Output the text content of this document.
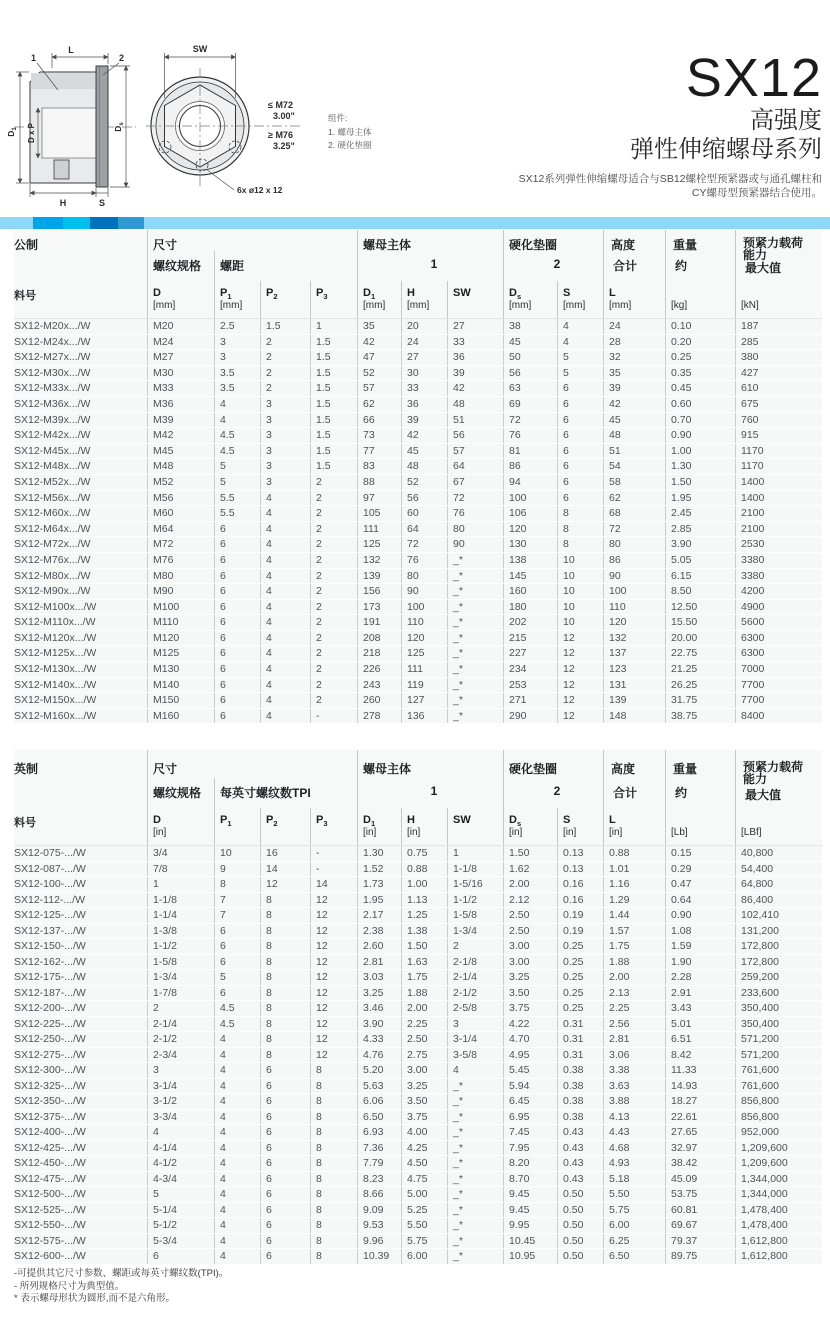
L
1	2
$D_1$ D x P	$D_s$
H	S
SW
6x ø12 x 12
≤ M72
3.00"
≥ M76
3.25"
组件:
1. 螺母主体
2. 硬化垫圈
SX12
高强度
弹性伸缩螺母系列
SX12系列弹性伸缩螺母适合与SB12螺栓型预紧器或与通孔螺柱和
CY螺母型预紧器结合使用。
公制
料号
尺寸
螺纹规格 螺距
螺母主体
1
硬化垫圈
2
高度
合计
重量
约
预紧力载荷
能力
最大值
D
[mm]
$P_1$
[mm]
$P_2$	$P_3$	$D_1$
[mm]
H
[mm]
SW	$D_s$
[mm]
S
[mm]
L
[mm]	[kg]	[kN]
SX12-M20x.../W	M20	2.5	1.5	1	35	20	27	38	4	24	0.10	187
SX12-M24x.../W	M24	3	2	1.5	42	24	33	45	4	28	0.20	285
SX12-M27x.../W	M27	3	2	1.5	47	27	36	50	5	32	0.25	380
SX12-M30x.../W	M30	3.5	2	1.5	52	30	39	56	5	35	0.35	427
SX12-M33x.../W	M33	3.5	2	1.5	57	33	42	63	6	39	0.45	610
SX12-M36x.../W	M36	4	3	1.5	62	36	48	69	6	42	0.60	675
SX12-M39x.../W	M39	4	3	1.5	66	39	51	72	6	45	0.70	760
SX12-M42x.../W	M42	4.5	3	1.5	73	42	56	76	6	48	0.90	915
SX12-M45x.../W	M45	4.5	3	1.5	77	45	57	81	6	51	1.00	1170
SX12-M48x.../W	M48	5	3	1.5	83	48	64	86	6	54	1.30	1170
SX12-M52x.../W	M52	5	3	2	88	52	67	94	6	58	1.50	1400
SX12-M56x.../W	M56	5.5	4	2	97	56	72	100	6	62	1.95	1400
SX12-M60x.../W	M60	5.5	4	2	105	60	76	106	8	68	2.45	2100
SX12-M64x.../W	M64	6	4	2	111	64	80	120	8	72	2.85	2100
SX12-M72x.../W	M72	6	4	2	125	72	90	130	8	80	3.90	2530
SX12-M76x.../W	M76	6	4	2	132	76	_*	138	10	86	5.05	3380
SX12-M80x.../W	M80	6	4	2	139	80	_*	145	10	90	6.15	3380
SX12-M90x.../W	M90	6	4	2	156	90	_*	160	10	100	8.50	4200
SX12-M100x.../W	M100	6	4	2	173	100	_*	180	10	110	12.50	4900
SX12-M110x.../W	M110	6	4	2	191	110	_*	202	10	120	15.50	5600
SX12-M120x.../W	M120	6	4	2	208	120	_*	215	12	132	20.00	6300
SX12-M125x.../W	M125	6	4	2	218	125	_*	227	12	137	22.75	6300
SX12-M130x.../W	M130	6	4	2	226	111	_*	234	12	123	21.25	7000
SX12-M140x.../W	M140	6	4	2	243	119	_*	253	12	131	26.25	7700
SX12-M150x.../W	M150	6	4	2	260	127	_*	271	12	139	31.75	7700
SX12-M160x.../W	M160	6	4	-	278	136	_*	290	12	148	38.75	8400
英制
料号
尺寸
螺纹规格 每英寸螺纹数TPI
螺母主体
1
硬化垫圈
2
高度
合计
重量
约
预紧力载荷
能力
最大值
D
[in]
$P_1$	$P_2$	$P_3$	$D_1$
[in]
H
[in]
SW	$D_s$
[in]
S
[in]
L
[in]	[Lb]	[LBf]
SX12-075-.../W	3/4	10	16	-	1.30	0.75	1	1.50	0.13	0.88	0.15	40,800
SX12-087-.../W	7/8	9	14	-	1.52	0.88	1-1/8	1.62	0.13	1.01	0.29	54,400
SX12-100-.../W	1	8	12	14	1.73	1.00	1-5/16	2.00	0.16	1.16	0.47	64,800
SX12-112-.../W	1-1/8	7	8	12	1.95	1.13	1-1/2	2.12	0.16	1.29	0.64	86,400
SX12-125-.../W	1-1/4	7	8	12	2.17	1.25	1-5/8	2.50	0.19	1.44	0.90	102,410
SX12-137-.../W	1-3/8	6	8	12	2.38	1.38	1-3/4	2.50	0.19	1.57	1.08	131,200
SX12-150-.../W	1-1/2	6	8	12	2.60	1.50	2	3.00	0.25	1.75	1.59	172,800
SX12-162-.../W	1-5/8	6	8	12	2.81	1.63	2-1/8	3.00	0.25	1.88	1.90	172,800
SX12-175-.../W	1-3/4	5	8	12	3.03	1.75	2-1/4	3.25	0.25	2.00	2.28	259,200
SX12-187-.../W	1-7/8	6	8	12	3.25	1.88	2-1/2	3.50	0.25	2.13	2.91	233,600
SX12-200-.../W	2	4.5	8	12	3.46	2.00	2-5/8	3.75	0.25	2.25	3.43	350,400
SX12-225-.../W	2-1/4	4.5	8	12	3.90	2.25	3	4.22	0.31	2.56	5.01	350,400
SX12-250-.../W	2-1/2	4	8	12	4.33	2.50	3-1/4	4.70	0.31	2.81	6.51	571,200
SX12-275-.../W	2-3/4	4	8	12	4.76	2.75	3-5/8	4.95	0.31	3.06	8.42	571,200
SX12-300-.../W	3	4	6	8	5.20	3.00	4	5.45	0.38	3.38	11.33	761,600
SX12-325-.../W	3-1/4	4	6	8	5.63	3.25	_*	5.94	0.38	3.63	14.93	761,600
SX12-350-.../W	3-1/2	4	6	8	6.06	3.50	_*	6.45	0.38	3.88	18.27	856,800
SX12-375-.../W	3-3/4	4	6	8	6.50	3.75	_*	6.95	0.38	4.13	22.61	856,800
SX12-400-.../W	4	4	6	8	6.93	4.00	_*	7.45	0.43	4.43	27.65	952,000
SX12-425-.../W	4-1/4	4	6	8	7.36	4.25	_*	7.95	0.43	4.68	32.97	1,209,600
SX12-450-.../W	4-1/2	4	6	8	7.79	4.50	_*	8.20	0.43	4.93	38.42	1,209,600
SX12-475-.../W	4-3/4	4	6	8	8.23	4.75	_*	8.70	0.43	5.18	45.09	1,344,000
SX12-500-.../W	5	4	6	8	8.66	5.00	_*	9.45	0.50	5.50	53.75	1,344,000
SX12-525-.../W	5-1/4	4	6	8	9.09	5.25	_*	9.45	0.50	5.75	60.81	1,478,400
SX12-550-.../W	5-1/2	4	6	8	9.53	5.50	_*	9.95	0.50	6.00	69.67	1,478,400
SX12-575-.../W	5-3/4	4	6	8	9.96	5.75	_*	10.45	0.50	6.25	79.37	1,612,800
SX12-600-.../W	6	4	6	8	10.39	6.00	_*	10.95	0.50	6.50	89.75	1,612,800
-可提供其它尺寸参数、螺距或每英寸螺纹数(TPI)。
- 所列规格尺寸为典型值。
* 表示螺母形状为圆形,而不是六角形。
